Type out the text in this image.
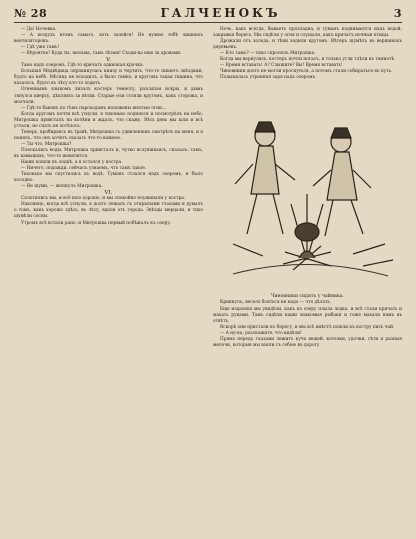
№ 28	ГАЛЧЕНОКЪ	3

— Да! Ночевка.

— А воздухъ втомъ самаго, хоть залейся! Не нужно тебѣ лишнихъ вентиляторовъ.

— Гдѣ уже тамъ!

— Вѣроятно! Куда ты, шельма, тамъ лѣзеш! Сходи-ка еще за дровами.

V.

Тамо надъ озеромъ. Гдѣ-то кричатъ одинокая крачка.

Большая Медвѣдица опрокинулась книзу и чертить, что-то пишетъ звѣздами, будто на небѣ. Мѣсяцъ не всходилъ, а было темно, и кругомъ такая тишина, что казалось, будто въ лѣсу кто-то ходитъ.

Огненнымъ языкомъ лизалъ костеръ темноту, разсыпая искры, и дымъ тянулся кверху, цѣпляясь за вѣтви. Старые ели стояли кругомъ, какъ сторожа, и молчали.

— Гдѣ-то бакенъ по тѣмъ пароходамъ наложены желтые огни...

Когда кругомъ почти всѣ уснули, я тихонько поднялся и посмотрѣлъ на небо. Митрошка привсталъ на колѣни и ждалъ, что скажу. Вѣсь день мы шли и всѣ устали, но спать не хотѣлось.

Теперь, пробираясь въ травѣ, Митрошка съ удивленіемъ смотрѣлъ на меня, и я понялъ, что онъ хочетъ сказать что-то важное.

— Ты что, Митрошка?

Плескались воды. Митрошка привсталъ и, чутко вслушиваясь, сказалъ: тамъ, въ камышахъ, что-то шевелится.

Наши пошли къ лодкѣ, а я остался у костра.

— Ничего, подожди, сейчасъ узнаемъ, что тамъ такое.

Тихонько мы спустились къ водѣ. Туманъ стлался надъ озеромъ, и было холодно.

— Не шуми, — шепнулъ Митрошка.

VI.

Сплотились мы, и всё шло хорошо, и мы спокойно поужинали у костра.

Наконецъ, когда всѣ уснули, я долго лежалъ съ открытыми глазами и думалъ о томъ, какъ хорошо здѣсь, въ лѣсу, вдали отъ города. Звѣзды мерцали, и тихо шумѣли сосны.

Утромъ всѣ встали рано, и Митрошка первый побѣжалъ къ озеру.

Ночь, какъ всегда, бываетъ прохладна, и туманъ поднимается надъ водой, закрывая берега. Мы сидѣли у огня и слушали, какъ кричатъ ночныя птицы.

Дрожали отъ холода, и тѣни ходили кругомъ. Вѣтеръ шумѣлъ въ вершинахъ деревьевъ.

— Кто тамъ? — тихо спросилъ Митрошка.

Когда мы вернулись, костеръ почти погасъ, и только угли тлѣли въ темнотѣ.

— Время вставать! А? Слышите? Вы! Время вставать!

Чиновники долго не могли проснуться, а потомъ стали собираться въ путь.

Подымалась утренняя заря надъ озеромъ.

Чиновники сидятъ у чайника.

Крикнулъ, весело бояться не надо — что дѣлать.

Еще издалека мы увидѣли, какъ по озеру плыла лодка, и всѣ стали кричать и махать руками. Тамъ сидѣли наши знакомые рыбаки и тоже махали намъ въ отвѣтъ.

Вскорѣ они пристали къ берегу, и мы всѣ вмѣстѣ пошли къ костру пить чай.

— А ну-ка, разскажите, что видѣли!

Прямо передъ глазами лежитъ куча вещей: котелки, удочки, сѣти и разныя мелочи, которыя мы взяли съ собою въ дорогу.
